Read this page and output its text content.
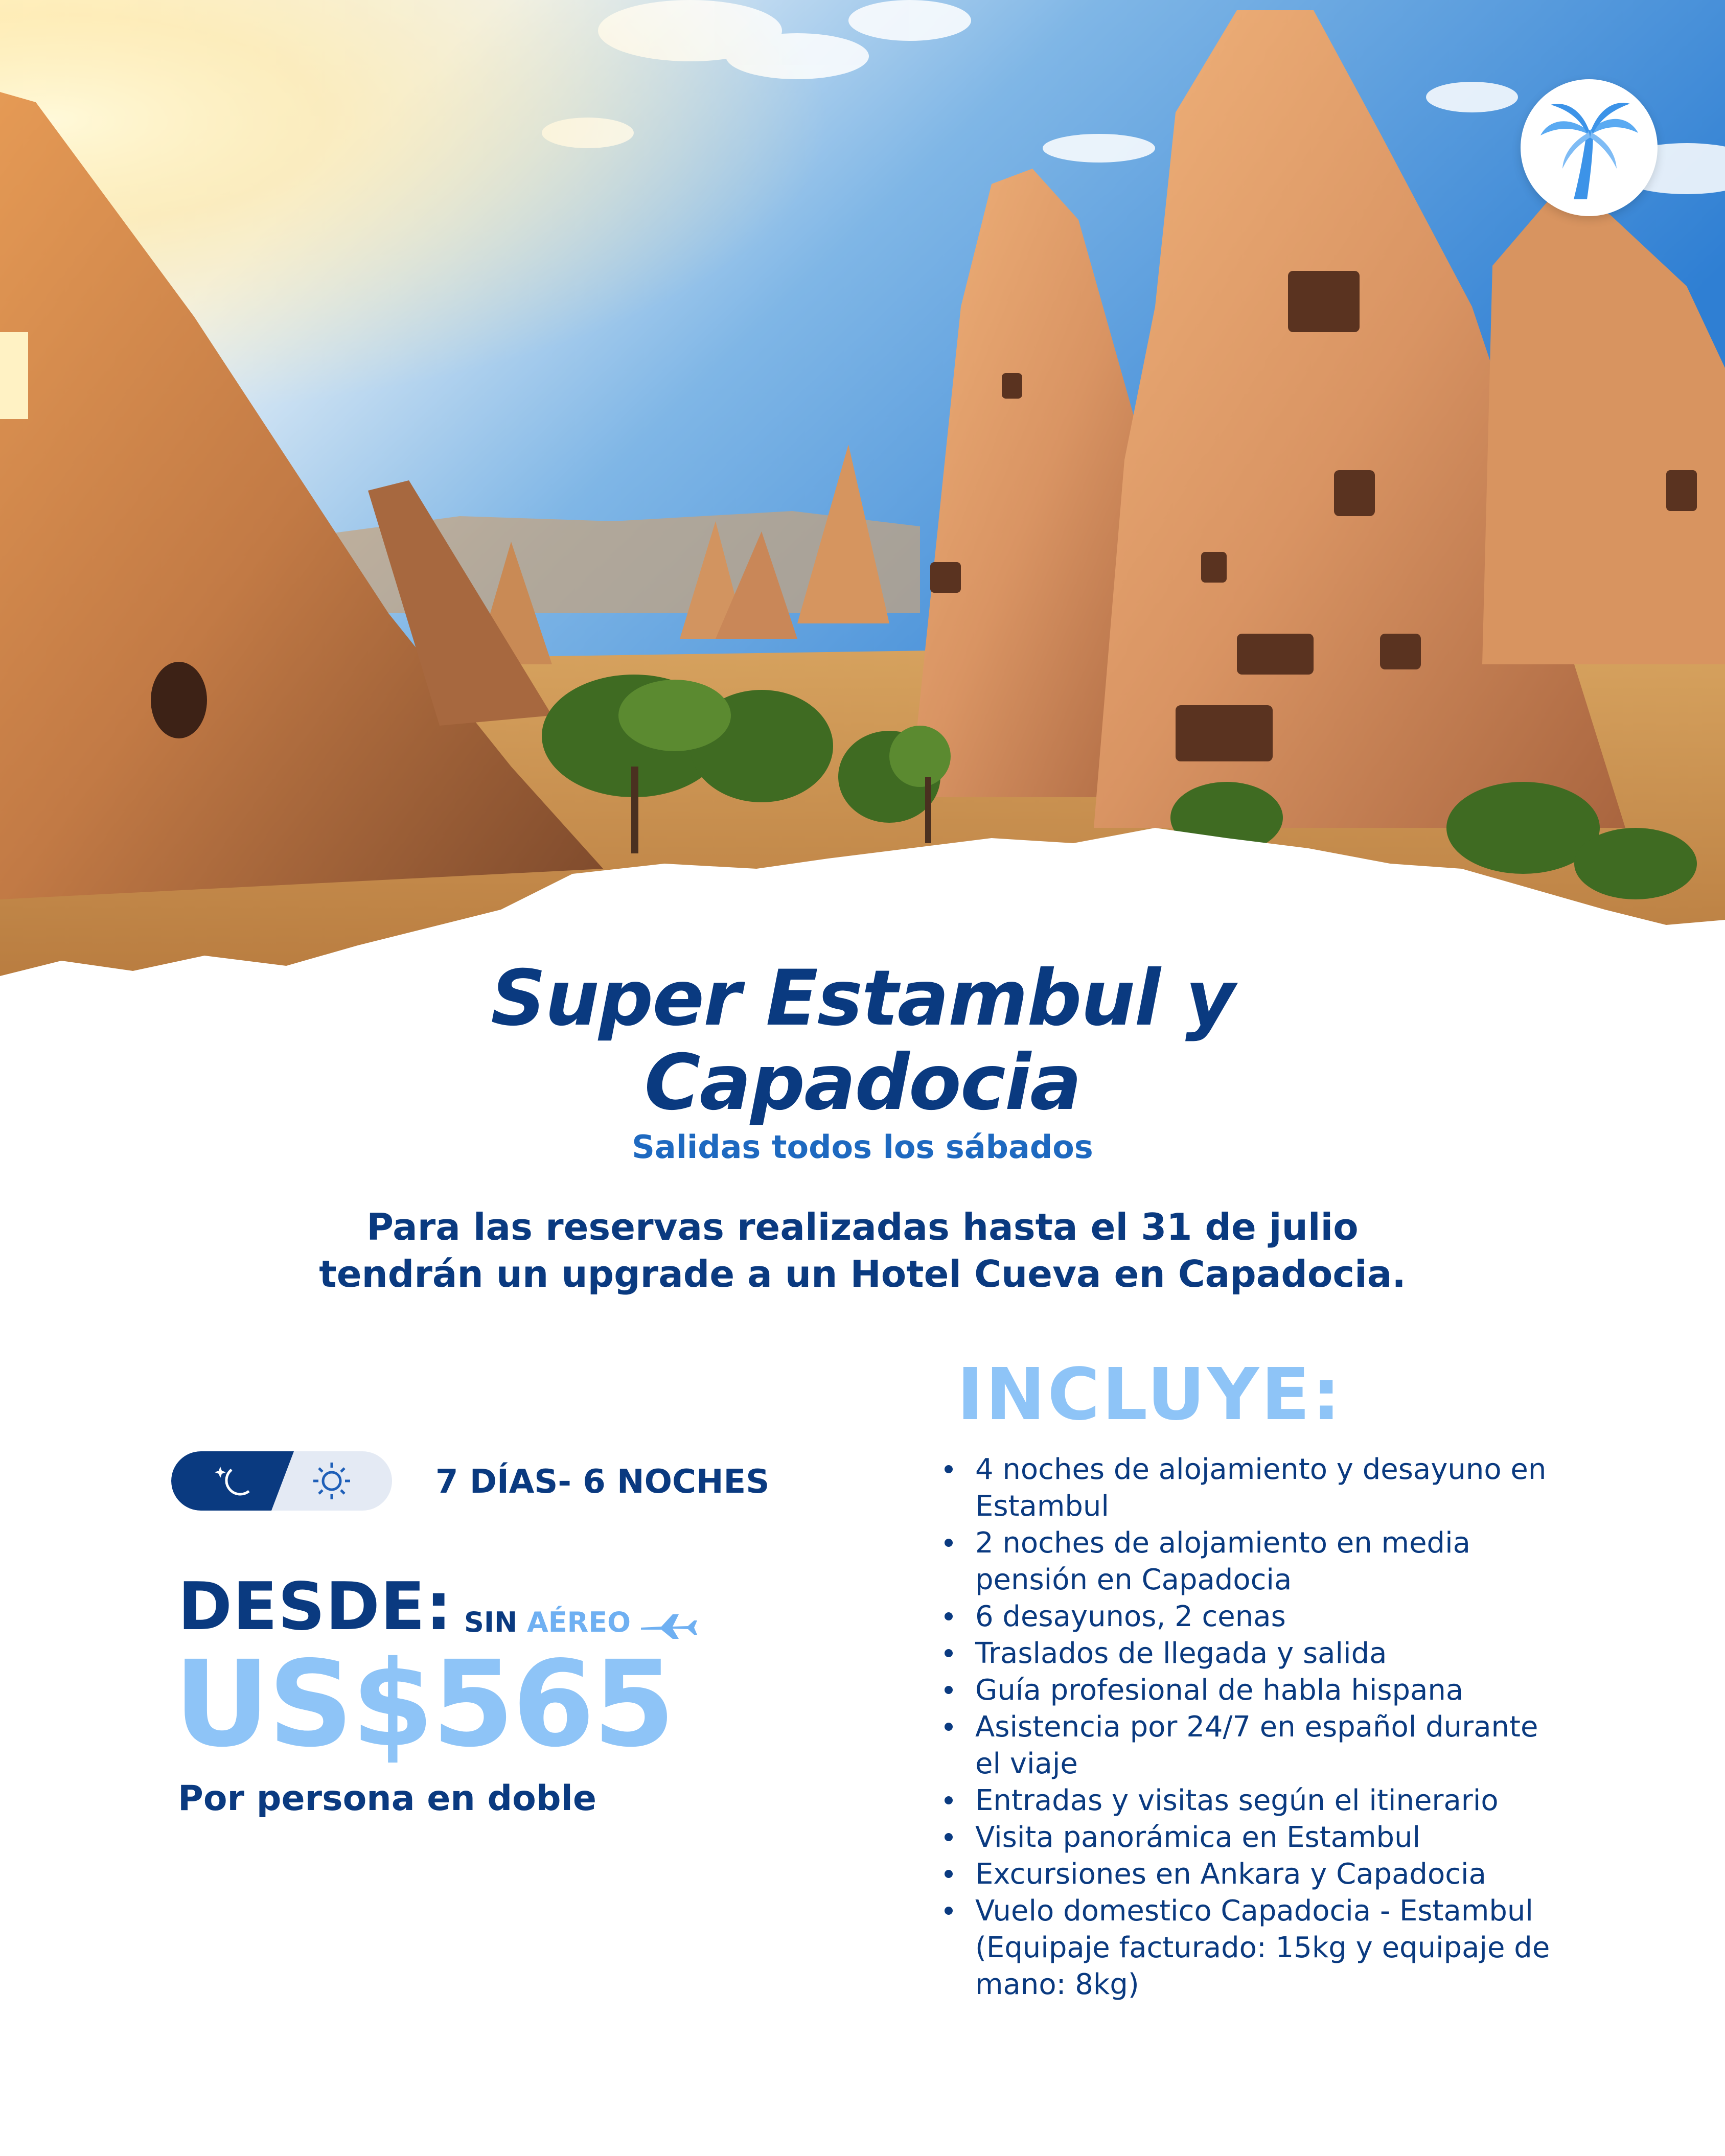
Super Estambul y
Capadocia
Salidas todos los sábados
Para las reservas realizadas hasta el 31 de julio
tendrán un upgrade a un Hotel Cueva en Capadocia.
7 DÍAS- 6 NOCHES
DESDE: SIN AÉREO
US$565
Por persona en doble
INCLUYE:
4 noches de alojamiento y desayuno en Estambul
2 noches de alojamiento en media pensión en Capadocia
6 desayunos, 2 cenas
Traslados de llegada y salida
Guía profesional de habla hispana
Asistencia por 24/7 en español durante el viaje
Entradas y visitas según el itinerario
Visita panorámica en Estambul
Excursiones en Ankara y Capadocia
Vuelo domestico Capadocia - Estambul (Equipaje facturado: 15kg y equipaje de mano: 8kg)
